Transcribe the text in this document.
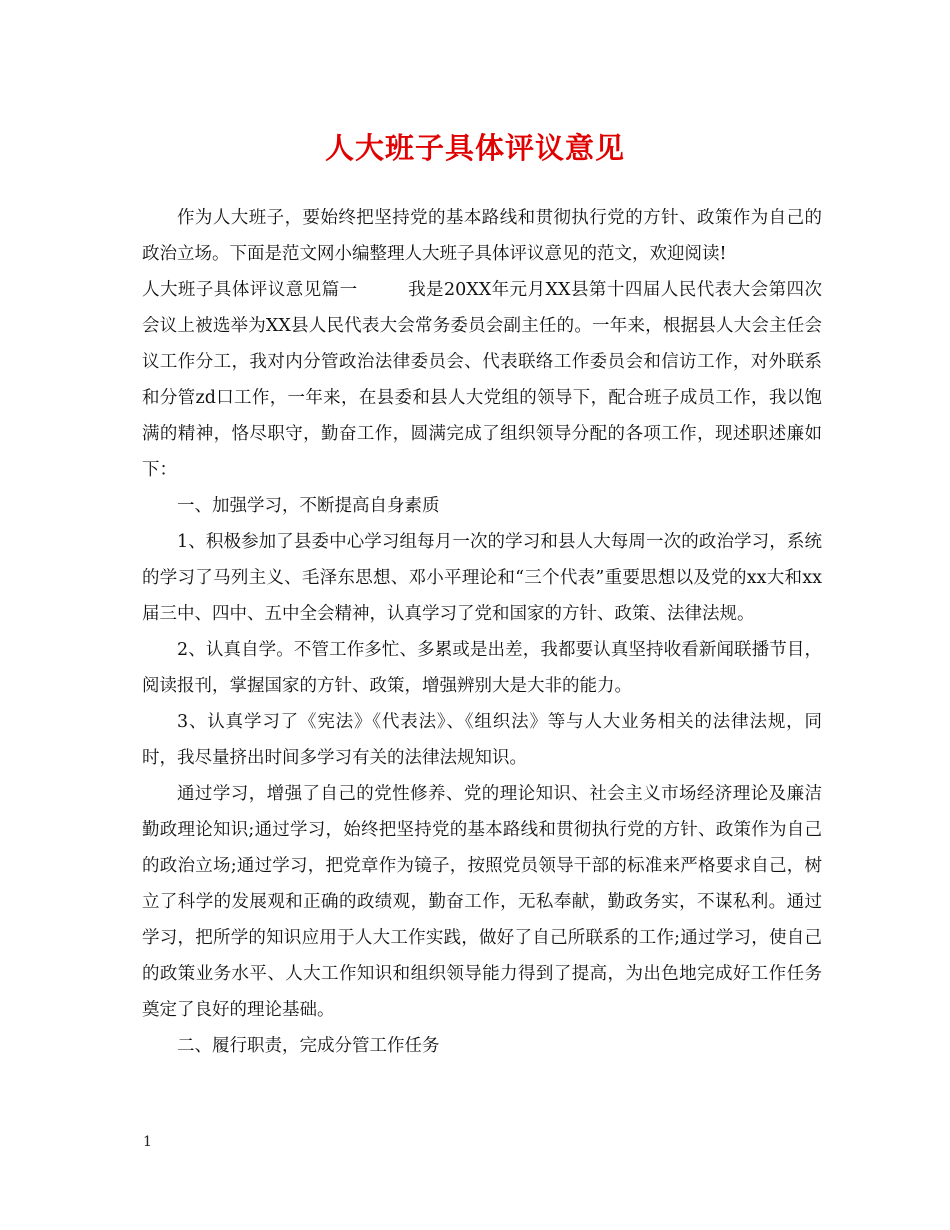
人大班子具体评议意见

作为人大班子，要始终把坚持党的基本路线和贯彻执行党的方针、政策作为自己的政治立场。下面是范文网小编整理人大班子具体评议意见的范文，欢迎阅读!

人大班子具体评议意见篇一	我是20XX年元月XX县第十四届人民代表大会第四次会议上被选举为XX县人民代表大会常务委员会副主任的。一年来，根据县人大会主任会议工作分工，我对内分管政治法律委员会、代表联络工作委员会和信访工作，对外联系和分管zd口工作，一年来，在县委和县人大党组的领导下，配合班子成员工作，我以饱满的精神，恪尽职守，勤奋工作，圆满完成了组织领导分配的各项工作，现述职述廉如下：

一、加强学习，不断提高自身素质

1、积极参加了县委中心学习组每月一次的学习和县人大每周一次的政治学习，系统的学习了马列主义、毛泽东思想、邓小平理论和“三个代表”重要思想以及党的xx大和xx届三中、四中、五中全会精神，认真学习了党和国家的方针、政策、法律法规。

2、认真自学。不管工作多忙、多累或是出差，我都要认真坚持收看新闻联播节目，阅读报刊，掌握国家的方针、政策，增强辨别大是大非的能力。

3、认真学习了《宪法》《代表法》、《组织法》等与人大业务相关的法律法规，同时，我尽量挤出时间多学习有关的法律法规知识。

通过学习，增强了自己的党性修养、党的理论知识、社会主义市场经济理论及廉洁勤政理论知识;通过学习，始终把坚持党的基本路线和贯彻执行党的方针、政策作为自己的政治立场;通过学习，把党章作为镜子，按照党员领导干部的标准来严格要求自己，树立了科学的发展观和正确的政绩观，勤奋工作，无私奉献，勤政务实，不谋私利。通过学习，把所学的知识应用于人大工作实践，做好了自己所联系的工作;通过学习，使自己的政策业务水平、人大工作知识和组织领导能力得到了提高，为出色地完成好工作任务奠定了良好的理论基础。

二、履行职责，完成分管工作任务

1
